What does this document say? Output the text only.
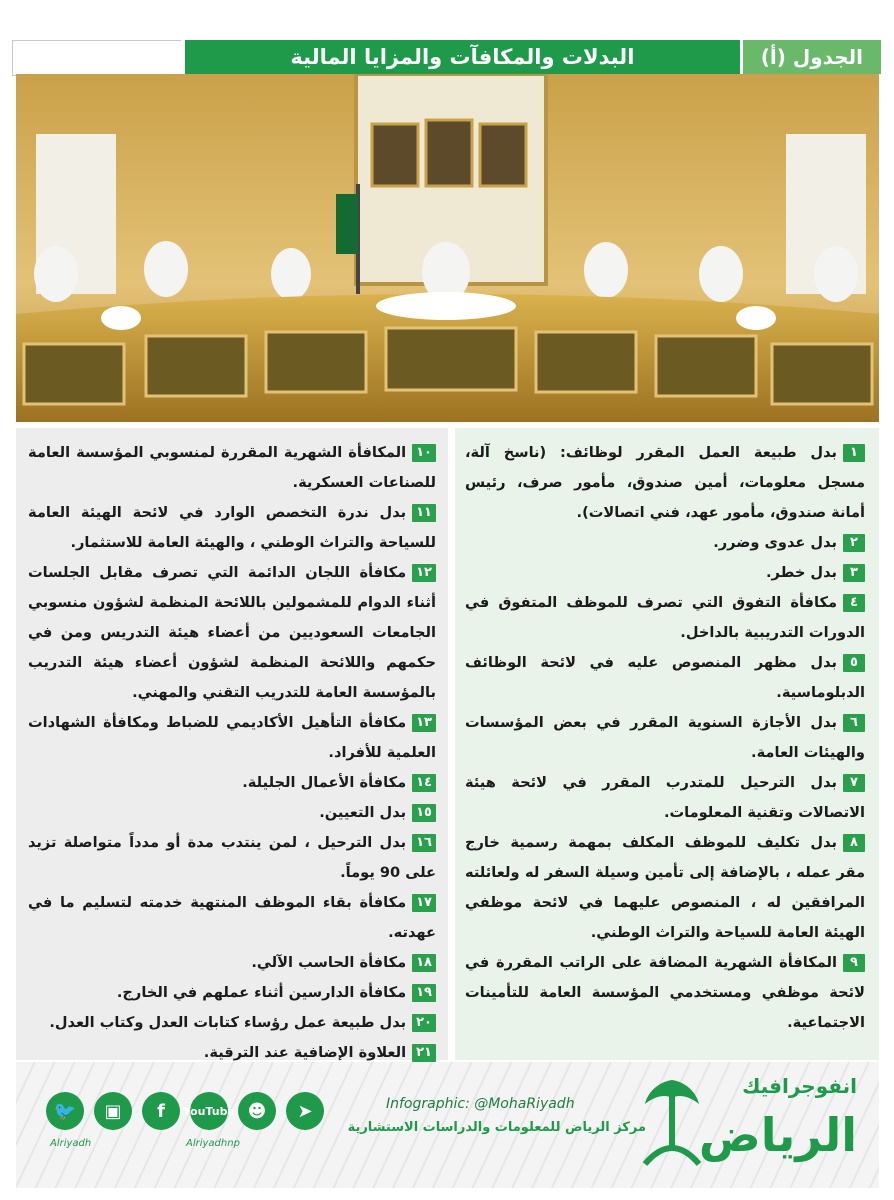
الجدول (أ)
البدلات والمكافآت والمزايا المالية
١بدل طبيعة العمل المقرر لوظائف: (ناسخ آلة، مسجل معلومات، أمين صندوق، مأمور صرف، رئيس أمانة صندوق، مأمور عهد، فني اتصالات).
٢بدل عدوى وضرر.
٣بدل خطر.
٤مكافأة التفوق التي تصرف للموظف المتفوق في الدورات التدريبية بالداخل.
٥بدل مظهر المنصوص عليه في لائحة الوظائف الدبلوماسية.
٦بدل الأجازة السنوية المقرر في بعض المؤسسات والهيئات العامة.
٧بدل الترحيل للمتدرب المقرر في لائحة هيئة الاتصالات وتقنية المعلومات.
٨بدل تكليف للموظف المكلف بمهمة رسمية خارج مقر عمله ، بالإضافة إلى تأمين وسيلة السفر له ولعائلته المرافقين له ، المنصوص عليهما في لائحة موظفي الهيئة العامة للسياحة والتراث الوطني.
٩المكافأة الشهرية المضافة على الراتب المقررة في لائحة موظفي ومستخدمي المؤسسة العامة للتأمينات الاجتماعية.
١٠المكافأة الشهرية المقررة لمنسوبي المؤسسة العامة للصناعات العسكرية.
١١بدل ندرة التخصص الوارد في لائحة الهيئة العامة للسياحة والتراث الوطني ، والهيئة العامة للاستثمار.
١٢مكافأة اللجان الدائمة التي تصرف مقابل الجلسات أثناء الدوام للمشمولين باللائحة المنظمة لشؤون منسوبي الجامعات السعوديين من أعضاء هيئة التدريس ومن في حكمهم واللائحة المنظمة لشؤون أعضاء هيئة التدريب بالمؤسسة العامة للتدريب التقني والمهني.
١٣مكافأة التأهيل الأكاديمي للضباط ومكافأة الشهادات العلمية للأفراد.
١٤مكافأة الأعمال الجليلة.
١٥بدل التعيين.
١٦بدل الترحيل ، لمن ينتدب مدة أو مدداً متواصلة تزيد على 90 يوماً.
١٧مكافأة بقاء الموظف المنتهية خدمته لتسليم ما في عهدته.
١٨مكافأة الحاسب الآلي.
١٩مكافأة الدارسين أثناء عملهم في الخارج.
٢٠بدل طبيعة عمل رؤساء كتابات العدل وكتاب العدل.
٢١العلاوة الإضافية عند الترقية.
انفوجرافيك
الرياض
Infographic: @MohaRiyadh
مركز الرياض للمعلومات والدراسات الاستشارية
🐦	▣	f	YouTube ☻	➤
Alriyadh	Alriyadhnp
